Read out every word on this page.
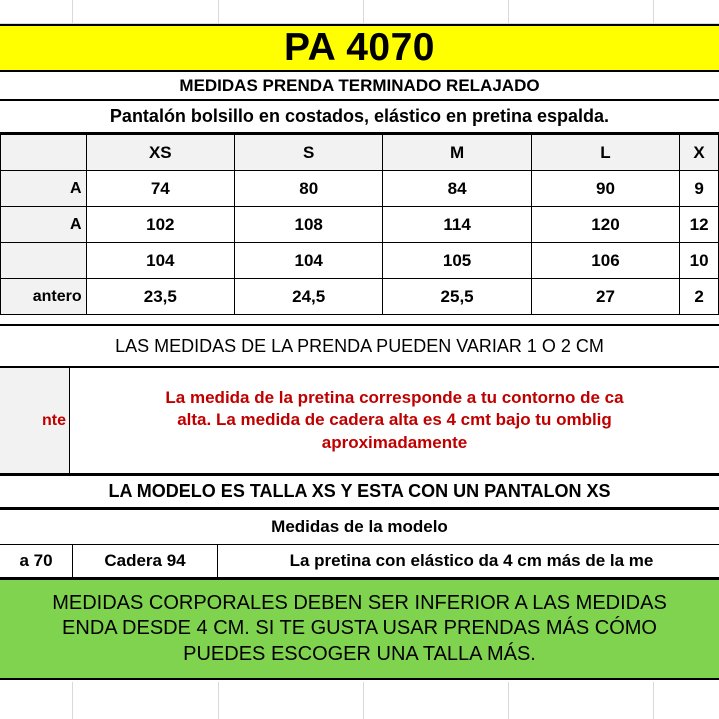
PA 4070
MEDIDAS PRENDA TERMINADO RELAJADO
Pantalón bolsillo en costados, elástico en pretina espalda.
	XS	S	M	L	X
A	74	80	84	90	9
A	102	108	114	120	12
	104	104	105	106	10
antero	23,5	24,5	25,5	27	2
LAS MEDIDAS DE LA PRENDA PUEDEN VARIAR 1 O 2 CM
nte
La medida de la pretina corresponde a tu contorno de ca
alta. La medida de cadera alta es 4 cmt bajo tu omblig
aproximadamente
LA MODELO ES TALLA XS Y ESTA CON UN PANTALON XS
Medidas de la modelo
a 70	Cadera 94	La pretina con elástico da 4 cm más de la me
MEDIDAS CORPORALES DEBEN SER INFERIOR A LAS MEDIDAS
ENDA DESDE 4 CM. SI TE GUSTA USAR PRENDAS MÁS CÓMO
PUEDES ESCOGER UNA TALLA MÁS.
